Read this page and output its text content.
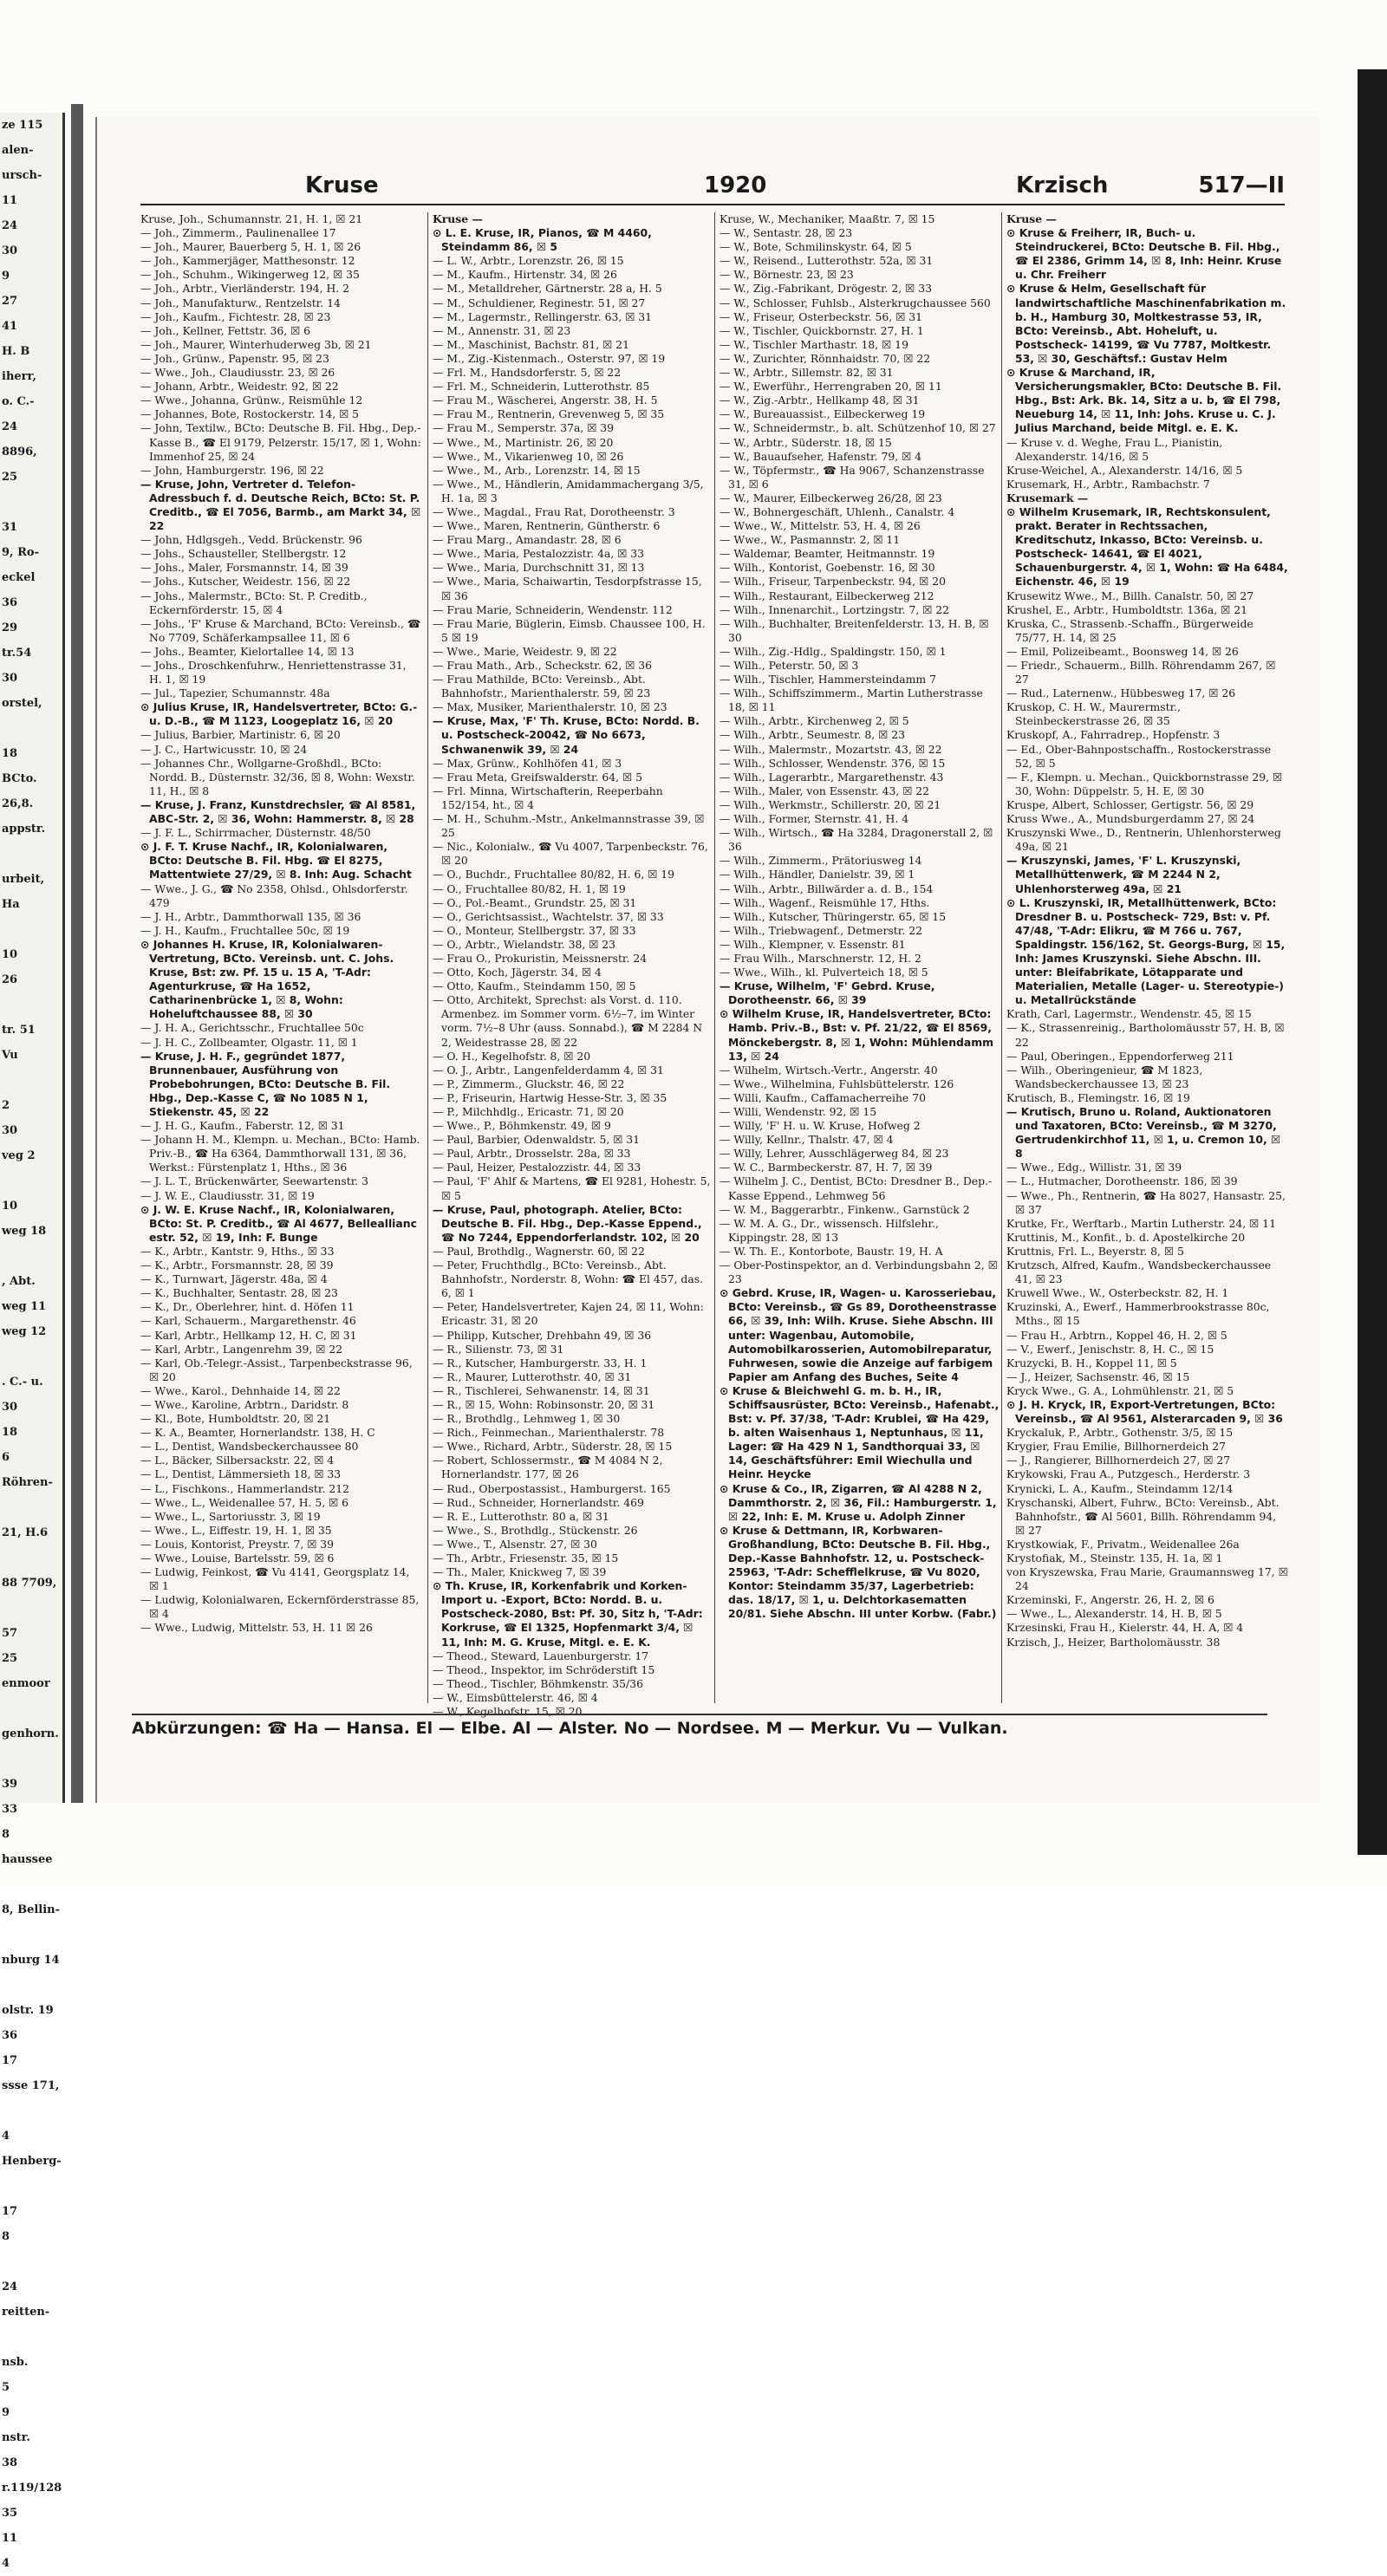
ze 115
alen-
ursch-
11
24
30
9
27
41
H. B
iherr,
o. C.-
24
8896,
25

31
9, Ro-
eckel
36
29
tr.54
30
orstel,

18
BCto.
26,8.
appstr.

urbeit,
Ha

10
26

tr. 51
Vu

2
30
veg 2

10
weg 18

, Abt.
weg 11
weg 12

. C.- u.
30
18
6
Röhren-

21, H.6

88 7709,

57
25
enmoor

genhorn.

39
33
8
haussee

8, Bellin-

nburg 14

olstr. 19
36
17
ssse 171,

4
Henberg-

17
8

24
reitten-

nsb.
5
9
nstr.
38
r.119/128
35
11
4
Kruse	1920	Krzisch	517—II
Kruse, Joh., Schumannstr. 21, H. 1, ☒ 21
— Joh., Zimmerm., Paulinenallee 17
— Joh., Maurer, Bauerberg 5, H. 1, ☒ 26
— Joh., Kammerjäger, Matthesonstr. 12
— Joh., Schuhm., Wikingerweg 12, ☒ 35
— Joh., Arbtr., Vierländerstr. 194, H. 2
— Joh., Manufakturw., Rentzelstr. 14
— Joh., Kaufm., Fichtestr. 28, ☒ 23
— Joh., Kellner, Fettstr. 36, ☒ 6
— Joh., Maurer, Winterhuderweg 3b, ☒ 21
— Joh., Grünw., Papenstr. 95, ☒ 23
— Wwe., Joh., Claudiusstr. 23, ☒ 26
— Johann, Arbtr., Weidestr. 92, ☒ 22
— Wwe., Johanna, Grünw., Reismühle 12
— Johannes, Bote, Rostockerstr. 14, ☒ 5
— John, Textilw., BCto: Deutsche B. Fil. Hbg., Dep.-Kasse B., ☎ El 9179, Pelzerstr. 15/17, ☒ 1, Wohn: Immenhof 25, ☒ 24
— John, Hamburgerstr. 196, ☒ 22
— Kruse, John, Vertreter d. Telefon-Adressbuch f. d. Deutsche Reich, BCto: St. P. Creditb., ☎ El 7056, Barmb., am Markt 34, ☒ 22
— John, Hdlgsgeh., Vedd. Brückenstr. 96
— Johs., Schausteller, Stellbergstr. 12
— Johs., Maler, Forsmannstr. 14, ☒ 39
— Johs., Kutscher, Weidestr. 156, ☒ 22
— Johs., Malermstr., BCto: St. P. Creditb., Eckernförderstr. 15, ☒ 4
— Johs., 'F' Kruse & Marchand, BCto: Vereinsb., ☎ No 7709, Schäferkampsallee 11, ☒ 6
— Johs., Beamter, Kielortallee 14, ☒ 13
— Johs., Droschkenfuhrw., Henriettenstrasse 31, H. 1, ☒ 19
— Jul., Tapezier, Schumannstr. 48a
⊙ Julius Kruse, IR, Handelsvertreter, BCto: G.- u. D.-B., ☎ M 1123, Loogeplatz 16, ☒ 20
— Julius, Barbier, Martinistr. 6, ☒ 20
— J. C., Hartwicusstr. 10, ☒ 24
— Johannes Chr., Wollgarne-Großhdl., BCto: Nordd. B., Düsternstr. 32/36, ☒ 8, Wohn: Wexstr. 11, H., ☒ 8
— Kruse, J. Franz, Kunstdrechsler, ☎ Al 8581, ABC-Str. 2, ☒ 36, Wohn: Hammerstr. 8, ☒ 28
— J. F. L., Schirrmacher, Düsternstr. 48/50
⊙ J. F. T. Kruse Nachf., IR, Kolonialwaren, BCto: Deutsche B. Fil. Hbg. ☎ El 8275, Mattentwiete 27/29, ☒ 8. Inh: Aug. Schacht
— Wwe., J. G., ☎ No 2358, Ohlsd., Ohlsdorferstr. 479
— J. H., Arbtr., Dammthorwall 135, ☒ 36
— J. H., Kaufm., Fruchtallee 50c, ☒ 19
⊙ Johannes H. Kruse, IR, Kolonialwaren-Vertretung, BCto. Vereinsb. unt. C. Johs. Kruse, Bst: zw. Pf. 15 u. 15 A, 'T-Adr: Agenturkruse, ☎ Ha 1652, Catharinenbrücke 1, ☒ 8, Wohn: Hoheluftchaussee 88, ☒ 30
— J. H. A., Gerichtsschr., Fruchtallee 50c
— J. H. C., Zollbeamter, Olgastr. 11, ☒ 1
— Kruse, J. H. F., gegründet 1877, Brunnenbauer, Ausführung von Probebohrungen, BCto: Deutsche B. Fil. Hbg., Dep.-Kasse C, ☎ No 1085 N 1, Stiekenstr. 45, ☒ 22
— J. H. G., Kaufm., Faberstr. 12, ☒ 31
— Johann H. M., Klempn. u. Mechan., BCto: Hamb. Priv.-B., ☎ Ha 6364, Dammthorwall 131, ☒ 36, Werkst.: Fürstenplatz 1, Hths., ☒ 36
— J. L. T., Brückenwärter, Seewartenstr. 3
— J. W. E., Claudiusstr. 31, ☒ 19
⊙ J. W. E. Kruse Nachf., IR, Kolonialwaren, BCto: St. P. Creditb., ☎ Al 4677, Belleallianc estr. 52, ☒ 19, Inh: F. Bunge
— K., Arbtr., Kantstr. 9, Hths., ☒ 33
— K., Arbtr., Forsmannstr. 28, ☒ 39
— K., Turnwart, Jägerstr. 48a, ☒ 4
— K., Buchhalter, Sentastr. 28, ☒ 23
— K., Dr., Oberlehrer, hint. d. Höfen 11
— Karl, Schauerm., Margarethenstr. 46
— Karl, Arbtr., Hellkamp 12, H. C, ☒ 31
— Karl, Arbtr., Langenrehm 39, ☒ 22
— Karl, Ob.-Telegr.-Assist., Tarpenbeckstrasse 96, ☒ 20
— Wwe., Karol., Dehnhaide 14, ☒ 22
— Wwe., Karoline, Arbtrn., Daridstr. 8
— Kl., Bote, Humboldtstr. 20, ☒ 21
— K. A., Beamter, Hornerlandstr. 138, H. C
— L., Dentist, Wandsbeckerchaussee 80
— L., Bäcker, Silbersackstr. 22, ☒ 4
— L., Dentist, Lämmersieth 18, ☒ 33
— L., Fischkons., Hammerlandstr. 212
— Wwe., L., Weidenallee 57, H. 5, ☒ 6
— Wwe., L., Sartoriusstr. 3, ☒ 19
— Wwe., L., Eiffestr. 19, H. 1, ☒ 35
— Louis, Kontorist, Preystr. 7, ☒ 39
— Wwe., Louise, Bartelsstr. 59, ☒ 6
— Ludwig, Feinkost, ☎ Vu 4141, Georgsplatz 14, ☒ 1
— Ludwig, Kolonialwaren, Eckernförderstrasse 85, ☒ 4
— Wwe., Ludwig, Mittelstr. 53, H. 11 ☒ 26
Kruse —
⊙ L. E. Kruse, IR, Pianos, ☎ M 4460, Steindamm 86, ☒ 5
— L. W., Arbtr., Lorenzstr. 26, ☒ 15
— M., Kaufm., Hirtenstr. 34, ☒ 26
— M., Metalldreher, Gärtnerstr. 28 a, H. 5
— M., Schuldiener, Reginestr. 51, ☒ 27
— M., Lagermstr., Rellingerstr. 63, ☒ 31
— M., Annenstr. 31, ☒ 23
— M., Maschinist, Bachstr. 81, ☒ 21
— M., Zig.-Kistenmach., Osterstr. 97, ☒ 19
— Frl. M., Handsdorferstr. 5, ☒ 22
— Frl. M., Schneiderin, Lutterothstr. 85
— Frau M., Wäscherei, Angerstr. 38, H. 5
— Frau M., Rentnerin, Grevenweg 5, ☒ 35
— Frau M., Semperstr. 37a, ☒ 39
— Wwe., M., Martinistr. 26, ☒ 20
— Wwe., M., Vikarienweg 10, ☒ 26
— Wwe., M., Arb., Lorenzstr. 14, ☒ 15
— Wwe., M., Händlerin, Amidammachergang 3/5, H. 1a, ☒ 3
— Wwe., Magdal., Frau Rat, Dorotheenstr. 3
— Wwe., Maren, Rentnerin, Güntherstr. 6
— Frau Marg., Amandastr. 28, ☒ 6
— Wwe., Maria, Pestalozzistr. 4a, ☒ 33
— Wwe., Maria, Durchschnitt 31, ☒ 13
— Wwe., Maria, Schaiwartin, Tesdorpfstrasse 15, ☒ 36
— Frau Marie, Schneiderin, Wendenstr. 112
— Frau Marie, Büglerin, Eimsb. Chaussee 100, H. 5 ☒ 19
— Wwe., Marie, Weidestr. 9, ☒ 22
— Frau Math., Arb., Scheckstr. 62, ☒ 36
— Frau Mathilde, BCto: Vereinsb., Abt. Bahnhofstr., Marienthalerstr. 59, ☒ 23
— Max, Musiker, Marienthalerstr. 10, ☒ 23
— Kruse, Max, 'F' Th. Kruse, BCto: Nordd. B. u. Postscheck-20042, ☎ No 6673, Schwanenwik 39, ☒ 24
— Max, Grünw., Kohlhöfen 41, ☒ 3
— Frau Meta, Greifswalderstr. 64, ☒ 5
— Frl. Minna, Wirtschafterin, Reeperbahn 152/154, ht., ☒ 4
— M. H., Schuhm.-Mstr., Ankelmannstrasse 39, ☒ 25
— Nic., Kolonialw., ☎ Vu 4007, Tarpenbeckstr. 76, ☒ 20
— O., Buchdr., Fruchtallee 80/82, H. 6, ☒ 19
— O., Fruchtallee 80/82, H. 1, ☒ 19
— O., Pol.-Beamt., Grundstr. 25, ☒ 31
— O., Gerichtsassist., Wachtelstr. 37, ☒ 33
— O., Monteur, Stellbergstr. 37, ☒ 33
— O., Arbtr., Wielandstr. 38, ☒ 23
— Frau O., Prokuristin, Meissnerstr. 24
— Otto, Koch, Jägerstr. 34, ☒ 4
— Otto, Kaufm., Steindamm 150, ☒ 5
— Otto, Architekt, Sprechst: als Vorst. d. 110. Armenbez. im Sommer vorm. 6½–7, im Winter vorm. 7½–8 Uhr (auss. Sonnabd.), ☎ M 2284 N 2, Weidestrasse 28, ☒ 22
— O. H., Kegelhofstr. 8, ☒ 20
— O. J., Arbtr., Langenfelderdamm 4, ☒ 31
— P., Zimmerm., Gluckstr. 46, ☒ 22
— P., Friseurin, Hartwig Hesse-Str. 3, ☒ 35
— P., Milchhdlg., Ericastr. 71, ☒ 20
— Wwe., P., Böhmkenstr. 49, ☒ 9
— Paul, Barbier, Odenwaldstr. 5, ☒ 31
— Paul, Arbtr., Drosselstr. 28a, ☒ 33
— Paul, Heizer, Pestalozzistr. 44, ☒ 33
— Paul, 'F' Ahlf & Martens, ☎ El 9281, Hohestr. 5, ☒ 5
— Kruse, Paul, photograph. Atelier, BCto: Deutsche B. Fil. Hbg., Dep.-Kasse Eppend., ☎ No 7244, Eppendorferlandstr. 102, ☒ 20
— Paul, Brothdlg., Wagnerstr. 60, ☒ 22
— Peter, Fruchthdlg., BCto: Vereinsb., Abt. Bahnhofstr., Norderstr. 8, Wohn: ☎ El 457, das. 6, ☒ 1
— Peter, Handelsvertreter, Kajen 24, ☒ 11, Wohn: Ericastr. 31, ☒ 20
— Philipp, Kutscher, Drehbahn 49, ☒ 36
— R., Silienstr. 73, ☒ 31
— R., Kutscher, Hamburgerstr. 33, H. 1
— R., Maurer, Lutterothstr. 40, ☒ 31
— R., Tischlerei, Sehwanenstr. 14, ☒ 31
— R., ☒ 15, Wohn: Robinsonstr. 20, ☒ 31
— R., Brothdlg., Lehmweg 1, ☒ 30
— Rich., Feinmechan., Marienthalerstr. 78
— Wwe., Richard, Arbtr., Süderstr. 28, ☒ 15
— Robert, Schlossermstr., ☎ M 4084 N 2, Hornerlandstr. 177, ☒ 26
— Rud., Oberpostassist., Hamburgerst. 165
— Rud., Schneider, Hornerlandstr. 469
— R. E., Lutterothstr. 80 a, ☒ 31
— Wwe., S., Brothdlg., Stückenstr. 26
— Wwe., T., Alsenstr. 27, ☒ 30
— Th., Arbtr., Friesenstr. 35, ☒ 15
— Th., Maler, Knickweg 7, ☒ 39
⊙ Th. Kruse, IR, Korkenfabrik und Korken-Import u. -Export, BCto: Nordd. B. u. Postscheck-2080, Bst: Pf. 30, Sitz h, 'T-Adr: Korkruse, ☎ El 1325, Hopfenmarkt 3/4, ☒ 11, Inh: M. G. Kruse, Mitgl. e. E. K.
— Theod., Steward, Lauenburgerstr. 17
— Theod., Inspektor, im Schröderstift 15
— Theod., Tischler, Böhmkenstr. 35/36
— W., Eimsbüttelerstr. 46, ☒ 4
— W., Kegelhofstr. 15, ☒ 20
Kruse, W., Mechaniker, Maaßtr. 7, ☒ 15
— W., Sentastr. 28, ☒ 23
— W., Bote, Schmilinskystr. 64, ☒ 5
— W., Reisend., Lutterothstr. 52a, ☒ 31
— W., Börnestr. 23, ☒ 23
— W., Zig.-Fabrikant, Drögestr. 2, ☒ 33
— W., Schlosser, Fuhlsb., Alsterkrugchaussee 560
— W., Friseur, Osterbeckstr. 56, ☒ 31
— W., Tischler, Quickbornstr. 27, H. 1
— W., Tischler Marthastr. 18, ☒ 19
— W., Zurichter, Rönnhaidstr. 70, ☒ 22
— W., Arbtr., Sillemstr. 82, ☒ 31
— W., Ewerführ., Herrengraben 20, ☒ 11
— W., Zig.-Arbtr., Hellkamp 48, ☒ 31
— W., Bureauassist., Eilbeckerweg 19
— W., Schneidermstr., b. alt. Schützenhof 10, ☒ 27
— W., Arbtr., Süderstr. 18, ☒ 15
— W., Bauaufseher, Hafenstr. 79, ☒ 4
— W., Töpfermstr., ☎ Ha 9067, Schanzenstrasse 31, ☒ 6
— W., Maurer, Eilbeckerweg 26/28, ☒ 23
— W., Bohnergeschäft, Uhlenh., Canalstr. 4
— Wwe., W., Mittelstr. 53, H. 4, ☒ 26
— Wwe., W., Pasmannstr. 2, ☒ 11
— Waldemar, Beamter, Heitmannstr. 19
— Wilh., Kontorist, Goebenstr. 16, ☒ 30
— Wilh., Friseur, Tarpenbeckstr. 94, ☒ 20
— Wilh., Restaurant, Eilbeckerweg 212
— Wilh., Innenarchit., Lortzingstr. 7, ☒ 22
— Wilh., Buchhalter, Breitenfelderstr. 13, H. B, ☒ 30
— Wilh., Zig.-Hdlg., Spaldingstr. 150, ☒ 1
— Wilh., Peterstr. 50, ☒ 3
— Wilh., Tischler, Hammersteindamm 7
— Wilh., Schiffszimmerm., Martin Lutherstrasse 18, ☒ 11
— Wilh., Arbtr., Kirchenweg 2, ☒ 5
— Wilh., Arbtr., Seumestr. 8, ☒ 23
— Wilh., Malermstr., Mozartstr. 43, ☒ 22
— Wilh., Schlosser, Wendenstr. 376, ☒ 15
— Wilh., Lagerarbtr., Margarethenstr. 43
— Wilh., Maler, von Essenstr. 43, ☒ 22
— Wilh., Werkmstr., Schillerstr. 20, ☒ 21
— Wilh., Former, Sternstr. 41, H. 4
— Wilh., Wirtsch., ☎ Ha 3284, Dragonerstall 2, ☒ 36
— Wilh., Zimmerm., Prätoriusweg 14
— Wilh., Händler, Danielstr. 39, ☒ 1
— Wilh., Arbtr., Billwärder a. d. B., 154
— Wilh., Wagenf., Reismühle 17, Hths.
— Wilh., Kutscher, Thüringerstr. 65, ☒ 15
— Wilh., Triebwagenf., Detmerstr. 22
— Wilh., Klempner, v. Essenstr. 81
— Frau Wilh., Marschnerstr. 12, H. 2
— Wwe., Wilh., kl. Pulverteich 18, ☒ 5
— Kruse, Wilhelm, 'F' Gebrd. Kruse, Dorotheenstr. 66, ☒ 39
⊙ Wilhelm Kruse, IR, Handelsvertreter, BCto: Hamb. Priv.-B., Bst: v. Pf. 21/22, ☎ El 8569, Mönckebergstr. 8, ☒ 1, Wohn: Mühlendamm 13, ☒ 24
— Wilhelm, Wirtsch.-Vertr., Angerstr. 40
— Wwe., Wilhelmina, Fuhlsbüttelerstr. 126
— Willi, Kaufm., Caffamacherreihe 70
— Willi, Wendenstr. 92, ☒ 15
— Willy, 'F' H. u. W. Kruse, Hofweg 2
— Willy, Kellnr., Thalstr. 47, ☒ 4
— Willy, Lehrer, Ausschlägerweg 84, ☒ 23
— W. C., Barmbeckerstr. 87, H. 7, ☒ 39
— Wilhelm J. C., Dentist, BCto: Dresdner B., Dep.-Kasse Eppend., Lehmweg 56
— W. M., Baggerarbtr., Finkenw., Garnstück 2
— W. M. A. G., Dr., wissensch. Hilfslehr., Kippingstr. 28, ☒ 13
— W. Th. E., Kontorbote, Baustr. 19, H. A
— Ober-Postinspektor, an d. Verbindungsbahn 2, ☒ 23
⊙ Gebrd. Kruse, IR, Wagen- u. Karosseriebau, BCto: Vereinsb., ☎ Gs 89, Dorotheenstrasse 66, ☒ 39, Inh: Wilh. Kruse. Siehe Abschn. III unter: Wagenbau, Automobile, Automobilkarosserien, Automobilreparatur, Fuhrwesen, sowie die Anzeige auf farbigem Papier am Anfang des Buches, Seite 4
⊙ Kruse & Bleichwehl G. m. b. H., IR, Schiffsausrüster, BCto: Vereinsb., Hafenabt., Bst: v. Pf. 37/38, 'T-Adr: Krublei, ☎ Ha 429, b. alten Waisenhaus 1, Neptunhaus, ☒ 11, Lager: ☎ Ha 429 N 1, Sandthorquai 33, ☒ 14, Geschäftsführer: Emil Wiechulla und Heinr. Heycke
⊙ Kruse & Co., IR, Zigarren, ☎ Al 4288 N 2, Dammthorstr. 2, ☒ 36, Fil.: Hamburgerstr. 1, ☒ 22, Inh: E. M. Kruse u. Adolph Zinner
⊙ Kruse & Dettmann, IR, Korbwaren-Großhandlung, BCto: Deutsche B. Fil. Hbg., Dep.-Kasse Bahnhofstr. 12, u. Postscheck- 25963, 'T-Adr: Schefflelkruse, ☎ Vu 8020, Kontor: Steindamm 35/37, Lagerbetrieb: das. 18/17, ☒ 1, u. Delchtorkasematten 20/81. Siehe Abschn. III unter Korbw. (Fabr.)
Kruse —
⊙ Kruse & Freiherr, IR, Buch- u. Steindruckerei, BCto: Deutsche B. Fil. Hbg., ☎ El 2386, Grimm 14, ☒ 8, Inh: Heinr. Kruse u. Chr. Freiherr
⊙ Kruse & Helm, Gesellschaft für landwirtschaftliche Maschinenfabrikation m. b. H., Hamburg 30, Moltkestrasse 53, IR, BCto: Vereinsb., Abt. Hoheluft, u. Postscheck- 14199, ☎ Vu 7787, Moltkestr. 53, ☒ 30, Geschäftsf.: Gustav Helm
⊙ Kruse & Marchand, IR, Versicherungsmakler, BCto: Deutsche B. Fil. Hbg., Bst: Ark. Bk. 14, Sitz a u. b, ☎ El 798, Neueburg 14, ☒ 11, Inh: Johs. Kruse u. C. J. Julius Marchand, beide Mitgl. e. E. K.
— Kruse v. d. Weghe, Frau L., Pianistin, Alexanderstr. 14/16, ☒ 5
Kruse-Weichel, A., Alexanderstr. 14/16, ☒ 5
Krusemark, H., Arbtr., Rambachstr. 7
Krusemark —
⊙ Wilhelm Krusemark, IR, Rechtskonsulent, prakt. Berater in Rechtssachen, Kreditschutz, Inkasso, BCto: Vereinsb. u. Postscheck- 14641, ☎ El 4021, Schauenburgerstr. 4, ☒ 1, Wohn: ☎ Ha 6484, Eichenstr. 46, ☒ 19
Krusewitz Wwe., M., Billh. Canalstr. 50, ☒ 27
Krushel, E., Arbtr., Humboldtstr. 136a, ☒ 21
Kruska, C., Strassenb.-Schaffn., Bürgerweide 75/77, H. 14, ☒ 25
— Emil, Polizeibeamt., Boonsweg 14, ☒ 26
— Friedr., Schauerm., Billh. Röhrendamm 267, ☒ 27
— Rud., Laternenw., Hübbesweg 17, ☒ 26
Kruskop, C. H. W., Maurermstr., Steinbeckerstrasse 26, ☒ 35
Kruskopf, A., Fahrradrep., Hopfenstr. 3
— Ed., Ober-Bahnpostschaffn., Rostockerstrasse 52, ☒ 5
— F., Klempn. u. Mechan., Quickbornstrasse 29, ☒ 30, Wohn: Düppelstr. 5, H. E, ☒ 30
Kruspe, Albert, Schlosser, Gertigstr. 56, ☒ 29
Kruss Wwe., A., Mundsburgerdamm 27, ☒ 24
Kruszynski Wwe., D., Rentnerin, Uhlenhorsterweg 49a, ☒ 21
— Kruszynski, James, 'F' L. Kruszynski, Metallhüttenwerk, ☎ M 2244 N 2, Uhlenhorsterweg 49a, ☒ 21
⊙ L. Kruszynski, IR, Metallhüttenwerk, BCto: Dresdner B. u. Postscheck- 729, Bst: v. Pf. 47/48, 'T-Adr: Elikru, ☎ M 766 u. 767, Spaldingstr. 156/162, St. Georgs-Burg, ☒ 15, Inh: James Kruszynski. Siehe Abschn. III. unter: Bleifabrikate, Lötapparate und Materialien, Metalle (Lager- u. Stereotypie-) u. Metallrückstände
Krath, Carl, Lagermstr., Wendenstr. 45, ☒ 15
— K., Strassenreinig., Bartholomäusstr 57, H. B, ☒ 22
— Paul, Oberingen., Eppendorferweg 211
— Wilh., Oberingenieur, ☎ M 1823, Wandsbeckerchaussee 13, ☒ 23
Krutisch, B., Flemingstr. 16, ☒ 19
— Krutisch, Bruno u. Roland, Auktionatoren und Taxatoren, BCto: Vereinsb., ☎ M 3270, Gertrudenkirchhof 11, ☒ 1, u. Cremon 10, ☒ 8
— Wwe., Edg., Willistr. 31, ☒ 39
— L., Hutmacher, Dorotheenstr. 186, ☒ 39
— Wwe., Ph., Rentnerin, ☎ Ha 8027, Hansastr. 25, ☒ 37
Krutke, Fr., Werftarb., Martin Lutherstr. 24, ☒ 11
Kruttinis, M., Konfit., b. d. Apostelkirche 20
Kruttnis, Frl. L., Beyerstr. 8, ☒ 5
Krutzsch, Alfred, Kaufm., Wandsbeckerchaussee 41, ☒ 23
Kruwell Wwe., W., Osterbeckstr. 82, H. 1
Kruzinski, A., Ewerf., Hammerbrookstrasse 80c, Mths., ☒ 15
— Frau H., Arbtrn., Koppel 46, H. 2, ☒ 5
— V., Ewerf., Jenischstr. 8, H. C., ☒ 15
Kruzycki, B. H., Koppel 11, ☒ 5
— J., Heizer, Sachsenstr. 46, ☒ 15
Kryck Wwe., G. A., Lohmühlenstr. 21, ☒ 5
⊙ J. H. Kryck, IR, Export-Vertretungen, BCto: Vereinsb., ☎ Al 9561, Alsterarcaden 9, ☒ 36
Kryckaluk, P., Arbtr., Gothenstr. 3/5, ☒ 15
Krygier, Frau Emilie, Billhornerdeich 27
— J., Rangierer, Billhornerdeich 27, ☒ 27
Krykowski, Frau A., Putzgesch., Herderstr. 3
Krynicki, L. A., Kaufm., Steindamm 12/14
Kryschanski, Albert, Fuhrw., BCto: Vereinsb., Abt. Bahnhofstr., ☎ Al 5601, Billh. Röhrendamm 94, ☒ 27
Krystkowiak, F., Privatm., Weidenallee 26a
Krystofiak, M., Steinstr. 135, H. 1a, ☒ 1
von Kryszewska, Frau Marie, Graumannsweg 17, ☒ 24
Krzeminski, F., Angerstr. 26, H. 2, ☒ 6
— Wwe., L., Alexanderstr. 14, H. B, ☒ 5
Krzesinski, Frau H., Kielerstr. 44, H. A, ☒ 4
Krzisch, J., Heizer, Bartholomäusstr. 38
Abkürzungen: ☎ Ha — Hansa. El — Elbe. Al — Alster. No — Nordsee. M — Merkur. Vu — Vulkan.
